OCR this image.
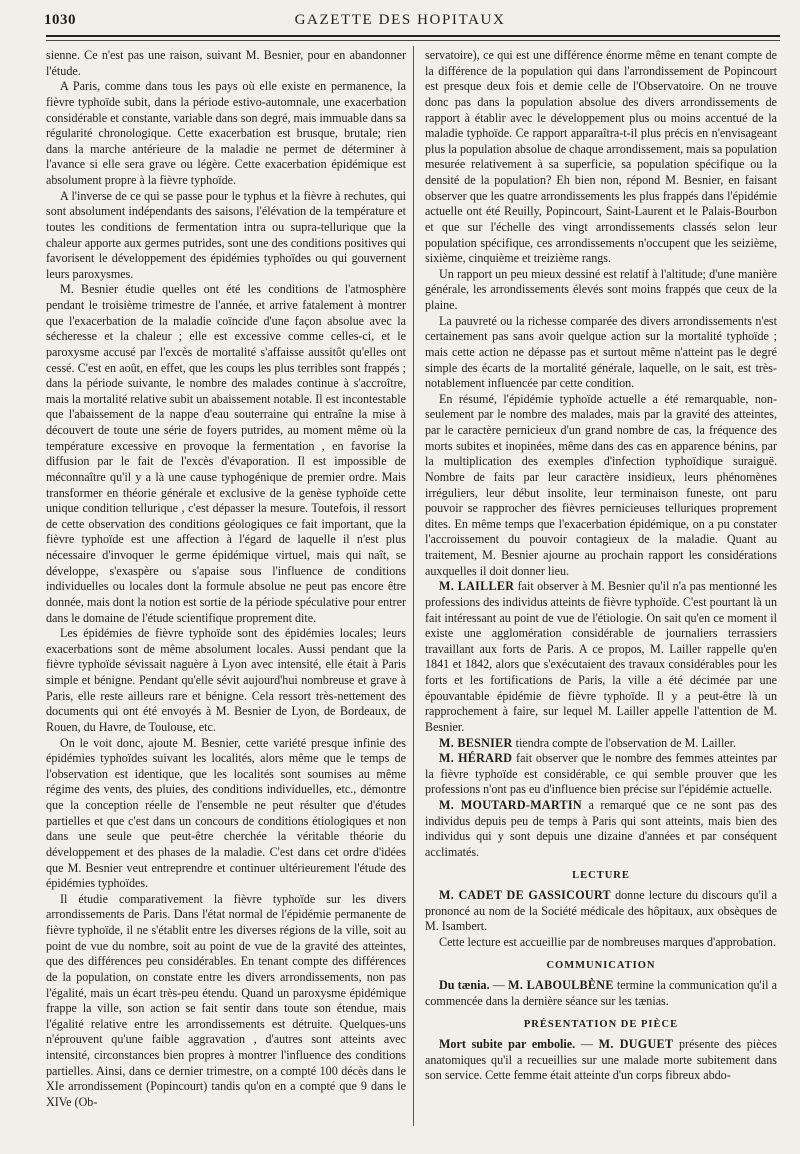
1030	GAZETTE DES HOPITAUX

sienne. Ce n'est pas une raison, suivant M. Besnier, pour en abandonner l'étude.

A Paris, comme dans tous les pays où elle existe en permanence, la fièvre typhoïde subit, dans la période estivo-automnale, une exacerbation considérable et constante, variable dans son degré, mais immuable dans sa régularité chronologique. Cette exacerbation est brusque, brutale; rien dans la marche antérieure de la maladie ne permet de déterminer à l'avance si elle sera grave ou légère. Cette exacerbation épidémique est absolument propre à la fièvre typhoïde.

A l'inverse de ce qui se passe pour le typhus et la fièvre à rechutes, qui sont absolument indépendants des saisons, l'élévation de la température et toutes les conditions de fermentation intra ou supra-tellurique que la chaleur apporte aux germes putrides, sont une des conditions positives qui favorisent le développement des épidémies typhoïdes ou qui gouvernent leurs paroxysmes.

M. Besnier étudie quelles ont été les conditions de l'atmosphère pendant le troisième trimestre de l'année, et arrive fatalement à montrer que l'exacerbation de la maladie coïncide d'une façon absolue avec la sécheresse et la chaleur ; elle est excessive comme celles-ci, et le paroxysme accusé par l'excès de mortalité s'affaisse aussitôt qu'elles ont cessé. C'est en août, en effet, que les coups les plus terribles sont frappés ; dans la période suivante, le nombre des malades continue à s'accroître, mais la mortalité relative subit un abaissement notable. Il est incontestable que l'abaissement de la nappe d'eau souterraine qui entraîne la mise à découvert de toute une série de foyers putrides, au moment même où la température excessive en provoque la fermentation , en favorise la diffusion par le fait de l'excès d'évaporation. Il est impossible de méconnaître qu'il y a là une cause typhogénique de premier ordre. Mais transformer en théorie générale et exclusive de la genèse typhoïde cette unique condition tellurique , c'est dépasser la mesure. Toutefois, il ressort de cette observation des conditions géologiques ce fait important, que la fièvre typhoïde est une affection à l'égard de laquelle il n'est plus nécessaire d'invoquer le germe épidémique virtuel, mais qui naît, se développe, s'exaspère ou s'apaise sous l'influence de conditions individuelles ou locales dont la formule absolue ne peut pas encore être donnée, mais dont la notion est sortie de la période spéculative pour entrer dans le domaine de l'étude scientifique proprement dite.

Les épidémies de fièvre typhoïde sont des épidémies locales; leurs exacerbations sont de même absolument locales. Aussi pendant que la fièvre typhoïde sévissait naguère à Lyon avec intensité, elle était à Paris simple et bénigne. Pendant qu'elle sévit aujourd'hui nombreuse et grave à Paris, elle reste ailleurs rare et bénigne. Cela ressort très-nettement des documents qui ont été envoyés à M. Besnier de Lyon, de Bordeaux, de Rouen, du Havre, de Toulouse, etc.

On le voit donc, ajoute M. Besnier, cette variété presque infinie des épidémies typhoïdes suivant les localités, alors même que le temps de l'observation est identique, que les localités sont soumises au même régime des vents, des pluies, des conditions individuelles, etc., démontre que la conception réelle de l'ensemble ne peut résulter que d'études partielles et que c'est dans un concours de conditions étiologiques et non dans une seule que peut-être cherchée la véritable théorie du développement et des phases de la maladie. C'est dans cet ordre d'idées que M. Besnier veut entreprendre et continuer ultérieurement l'étude des épidémies typhoïdes.

Il étudie comparativement la fièvre typhoïde sur les divers arrondissements de Paris. Dans l'état normal de l'épidémie permanente de fièvre typhoïde, il ne s'établit entre les diverses régions de la ville, soit au point de vue du nombre, soit au point de vue de la gravité des atteintes, que des différences peu considérables. En tenant compte des différences de la population, on constate entre les divers arrondissements, non pas l'égalité, mais un écart très-peu étendu. Quand un paroxysme épidémique frappe la ville, son action se fait sentir dans toute son étendue, mais l'égalité relative entre les arrondissements est détruite. Quelques-uns n'éprouvent qu'une faible aggravation , d'autres sont atteints avec intensité, circonstances bien propres à montrer l'influence des conditions partielles. Ainsi, dans ce dernier trimestre, on a compté 100 décès dans le XIe arrondissement (Popincourt) tandis qu'on en a compté que 9 dans le XIVe (Ob-

servatoire), ce qui est une différence énorme même en tenant compte de la différence de la population qui dans l'arrondissement de Popincourt est presque deux fois et demie celle de l'Observatoire. On ne trouve donc pas dans la population absolue des divers arrondissements de rapport à établir avec le développement plus ou moins accentué de la maladie typhoïde. Ce rapport apparaîtra-t-il plus précis en n'envisageant plus la population absolue de chaque arrondissement, mais sa population mesurée relativement à sa superficie, sa population spécifique ou la densité de la population? Eh bien non, répond M. Besnier, en faisant observer que les quatre arrondissements les plus frappés dans l'épidémie actuelle ont été Reuilly, Popincourt, Saint-Laurent et le Palais-Bourbon et que sur l'échelle des vingt arrondissements classés selon leur population spécifique, ces arrondissements n'occupent que les seizième, sixième, cinquième et treizième rangs.

Un rapport un peu mieux dessiné est relatif à l'altitude; d'une manière générale, les arrondissements élevés sont moins frappés que ceux de la plaine.

La pauvreté ou la richesse comparée des divers arrondissements n'est certainement pas sans avoir quelque action sur la mortalité typhoïde ; mais cette action ne dépasse pas et surtout même n'atteint pas le degré simple des écarts de la mortalité générale, laquelle, on le sait, est très-notablement influencée par cette condition.

En résumé, l'épidémie typhoïde actuelle a été remarquable, non-seulement par le nombre des malades, mais par la gravité des atteintes, par le caractère pernicieux d'un grand nombre de cas, la fréquence des morts subites et inopinées, même dans des cas en apparence bénins, par la multiplication des exemples d'infection typhoïdique suraiguë. Nombre de faits par leur caractère insidieux, leurs phénomènes irréguliers, leur début insolite, leur terminaison funeste, ont paru pouvoir se rapprocher des fièvres pernicieuses telluriques proprement dites. En même temps que l'exacerbation épidémique, on a pu constater l'accroissement du pouvoir contagieux de la maladie. Quant au traitement, M. Besnier ajourne au prochain rapport les considérations auxquelles il doit donner lieu.

M. LAILLER fait observer à M. Besnier qu'il n'a pas mentionné les professions des individus atteints de fièvre typhoïde. C'est pourtant là un fait intéressant au point de vue de l'étiologie. On sait qu'en ce moment il existe une agglomération considérable de journaliers terrassiers travaillant aux forts de Paris. A ce propos, M. Lailler rappelle qu'en 1841 et 1842, alors que s'exécutaient des travaux considérables pour les forts et les fortifications de Paris, la ville a été décimée par une épouvantable épidémie de fièvre typhoïde. Il y a peut-être là un rapprochement à faire, sur lequel M. Lailler appelle l'attention de M. Besnier.

M. BESNIER tiendra compte de l'observation de M. Lailler.

M. HÉRARD fait observer que le nombre des femmes atteintes par la fièvre typhoïde est considérable, ce qui semble prouver que les professions n'ont pas eu d'influence bien précise sur l'épidémie actuelle.

M. MOUTARD-MARTIN a remarqué que ce ne sont pas des individus depuis peu de temps à Paris qui sont atteints, mais bien des individus qui y sont depuis une dizaine d'années et par conséquent acclimatés.

LECTURE

M. CADET DE GASSICOURT donne lecture du discours qu'il a prononcé au nom de la Société médicale des hôpitaux, aux obsèques de M. Isambert.

Cette lecture est accueillie par de nombreuses marques d'approbation.

COMMUNICATION

Du tænia. — M. LABOULBÈNE termine la communication qu'il a commencée dans la dernière séance sur les tænias.

PRÉSENTATION DE PIÈCE

Mort subite par embolie. — M. DUGUET présente des pièces anatomiques qu'il a recueillies sur une malade morte subitement dans son service. Cette femme était atteinte d'un corps fibreux abdo-
